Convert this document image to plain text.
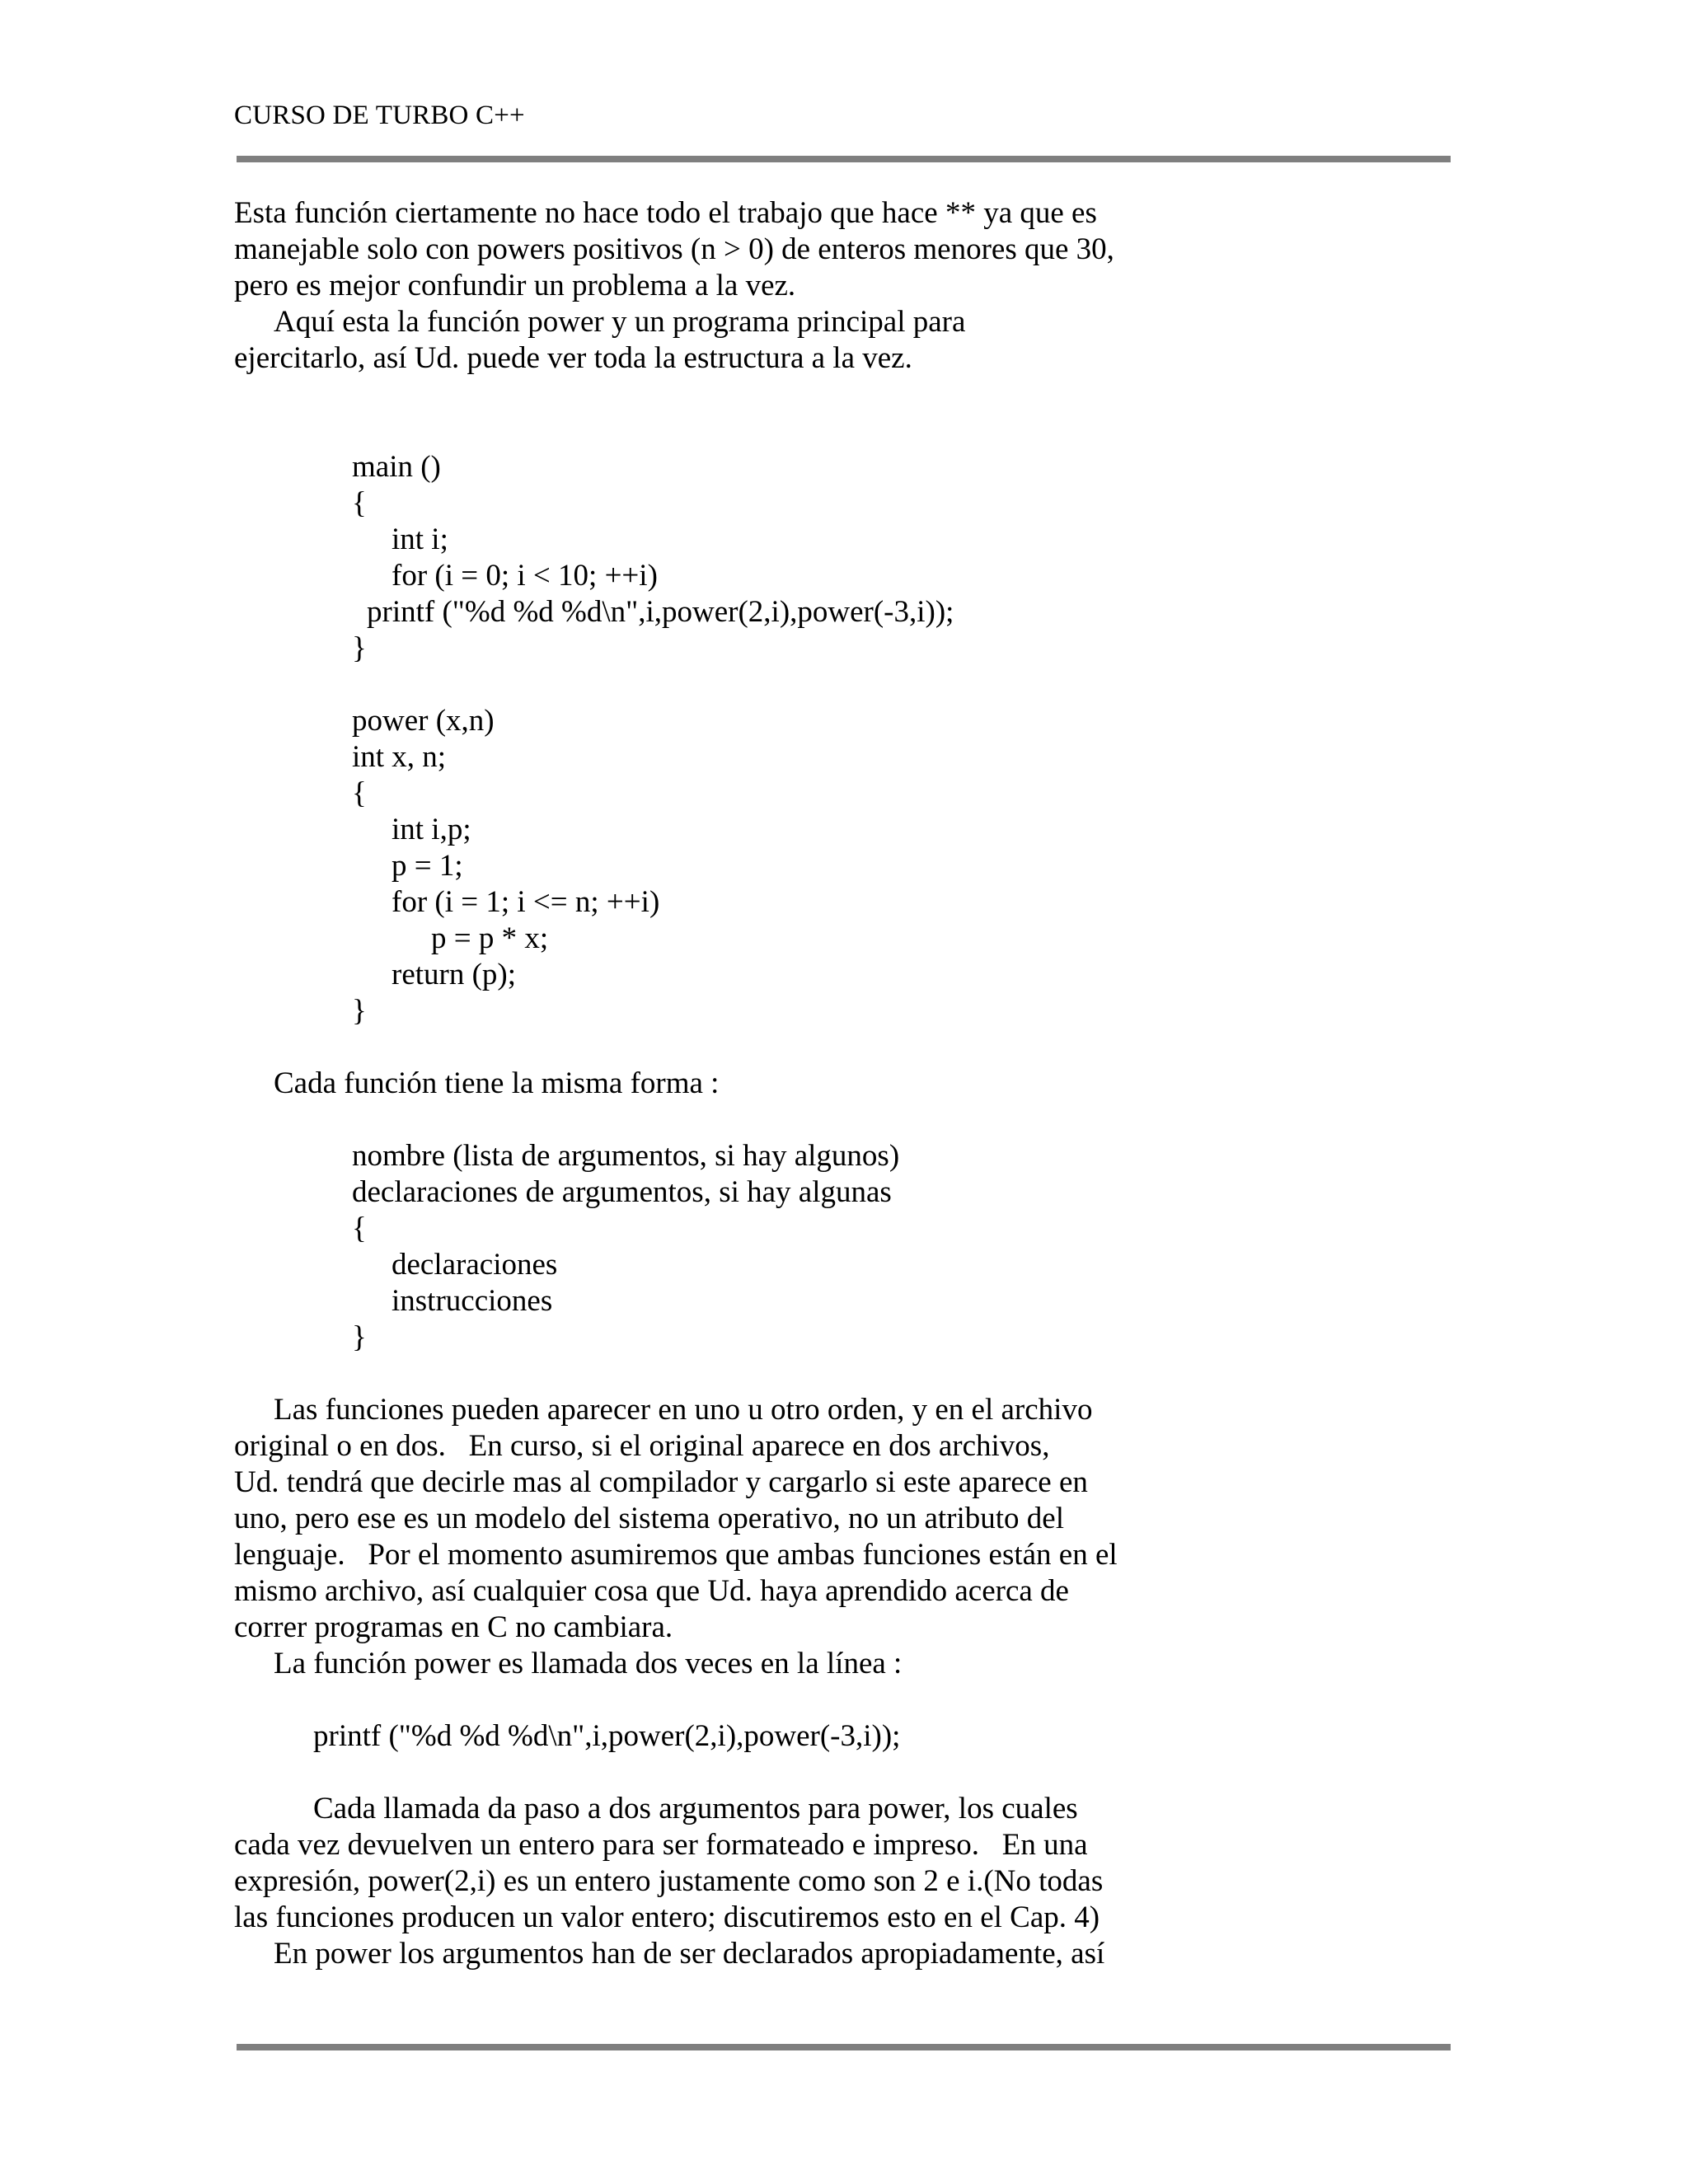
CURSO DE TURBO C++
Esta función ciertamente no hace todo el trabajo que hace ** ya que es
manejable solo con powers positivos (n > 0) de enteros menores que 30,
pero es mejor confundir un problema a la vez.
Aquí esta la función power y un programa principal para
ejercitarlo, así Ud. puede ver toda la estructura a la vez.
main ()
{
int i;
for (i = 0; i < 10; ++i)
printf ("%d %d %d\n",i,power(2,i),power(-3,i));
}
power (x,n)
int x, n;
{
int i,p;
p = 1;
for (i = 1; i <= n; ++i)
p = p * x;
return (p);
}
Cada función tiene la misma forma :
nombre (lista de argumentos, si hay algunos)
declaraciones de argumentos, si hay algunas
{
declaraciones
instrucciones
}
Las funciones pueden aparecer en uno u otro orden, y en el archivo
original o en dos.   En curso, si el original aparece en dos archivos,
Ud. tendrá que decirle mas al compilador y cargarlo si este aparece en
uno, pero ese es un modelo del sistema operativo, no un atributo del
lenguaje.   Por el momento asumiremos que ambas funciones están en el
mismo archivo, así cualquier cosa que Ud. haya aprendido acerca de
correr programas en C no cambiara.
La función power es llamada dos veces en la línea :
printf ("%d %d %d\n",i,power(2,i),power(-3,i));
Cada llamada da paso a dos argumentos para power, los cuales
cada vez devuelven un entero para ser formateado e impreso.   En una
expresión, power(2,i) es un entero justamente como son 2 e i.(No todas
las funciones producen un valor entero; discutiremos esto en el Cap. 4)
En power los argumentos han de ser declarados apropiadamente, así
